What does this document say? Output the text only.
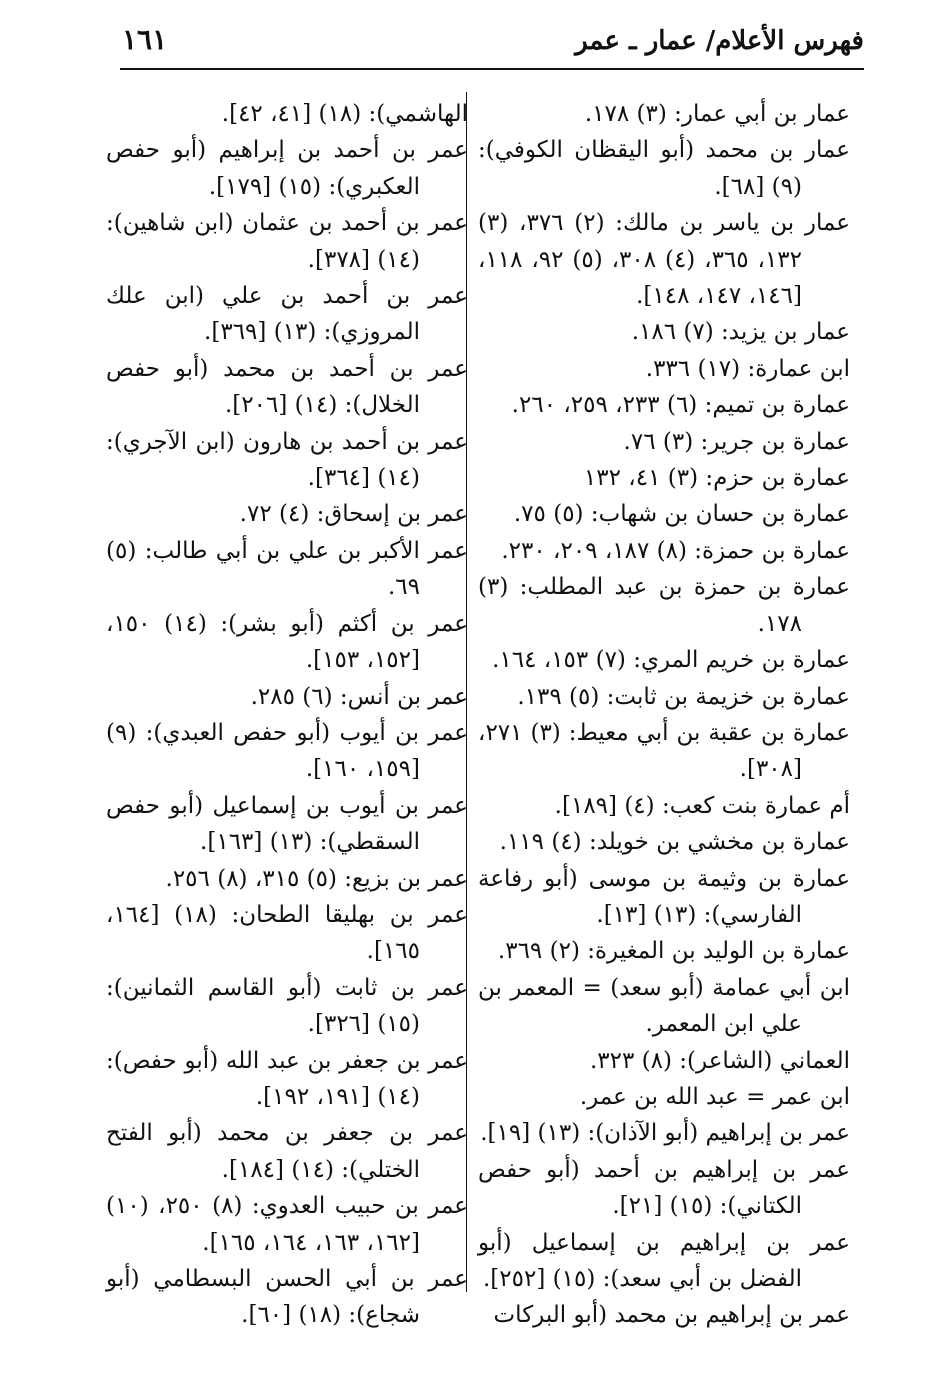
١٦١	فهرس الأعلام/ عمار ـ عمر

عمار بن أبي عمار: (٣) ١٧٨.

عمار بن محمد (أبو اليقظان الكوفي): (٩) [٦٨].

عمار بن ياسر بن مالك: (٢) ٣٧٦، (٣) ١٣٢، ٣٦٥، (٤) ٣٠٨، (٥) ٩٢، ١١٨، [١٤٦، ١٤٧، ١٤٨].

عمار بن يزيد: (٧) ١٨٦.

ابن عمارة: (١٧) ٣٣٦.

عمارة بن تميم: (٦) ٢٣٣، ٢٥٩، ٢٦٠.

عمارة بن جرير: (٣) ٧٦.

عمارة بن حزم: (٣) ٤١، ١٣٢

عمارة بن حسان بن شهاب: (٥) ٧٥.

عمارة بن حمزة: (٨) ١٨٧، ٢٠٩، ٢٣٠.

عمارة بن حمزة بن عبد المطلب: (٣) ١٧٨.

عمارة بن خريم المري: (٧) ١٥٣، ١٦٤.

عمارة بن خزيمة بن ثابت: (٥) ١٣٩.

عمارة بن عقبة بن أبي معيط: (٣) ٢٧١، [٣٠٨].

أم عمارة بنت كعب: (٤) [١٨٩].

عمارة بن مخشي بن خويلد: (٤) ١١٩.

عمارة بن وثيمة بن موسى (أبو رفاعة الفارسي): (١٣) [١٣].

عمارة بن الوليد بن المغيرة: (٢) ٣٦٩.

ابن أبي عمامة (أبو سعد) = المعمر بن علي ابن المعمر.

العماني (الشاعر): (٨) ٣٢٣.

ابن عمر = عبد الله بن عمر.

عمر بن إبراهيم (أبو الآذان): (١٣) [١٩].

عمر بن إبراهيم بن أحمد (أبو حفص الكتاني): (١٥) [٢١].

عمر بن إبراهيم بن إسماعيل (أبو الفضل بن أبي سعد): (١٥) [٢٥٢].

عمر بن إبراهيم بن محمد (أبو البركات

الهاشمي): (١٨) [٤١، ٤٢].

عمر بن أحمد بن إبراهيم (أبو حفص العكبري): (١٥) [١٧٩].

عمر بن أحمد بن عثمان (ابن شاهين): (١٤) [٣٧٨].

عمر بن أحمد بن علي (ابن علك المروزي): (١٣) [٣٦٩].

عمر بن أحمد بن محمد (أبو حفص الخلال): (١٤) [٢٠٦].

عمر بن أحمد بن هارون (ابن الآجري): (١٤) [٣٦٤].

عمر بن إسحاق: (٤) ٧٢.

عمر الأكبر بن علي بن أبي طالب: (٥) ٦٩.

عمر بن أكثم (أبو بشر): (١٤) ١٥٠، [١٥٢، ١٥٣].

عمر بن أنس: (٦) ٢٨٥.

عمر بن أيوب (أبو حفص العبدي): (٩) [١٥٩، ١٦٠].

عمر بن أيوب بن إسماعيل (أبو حفص السقطي): (١٣) [١٦٣].

عمر بن بزيع: (٥) ٣١٥، (٨) ٢٥٦.

عمر بن بهليقا الطحان: (١٨) [١٦٤، ١٦٥].

عمر بن ثابت (أبو القاسم الثمانين): (١٥) [٣٢٦].

عمر بن جعفر بن عبد الله (أبو حفص): (١٤) [١٩١، ١٩٢].

عمر بن جعفر بن محمد (أبو الفتح الختلي): (١٤) [١٨٤].

عمر بن حبيب العدوي: (٨) ٢٥٠، (١٠) [١٦٢، ١٦٣، ١٦٤، ١٦٥].

عمر بن أبي الحسن البسطامي (أبو شجاع): (١٨) [٦٠].
